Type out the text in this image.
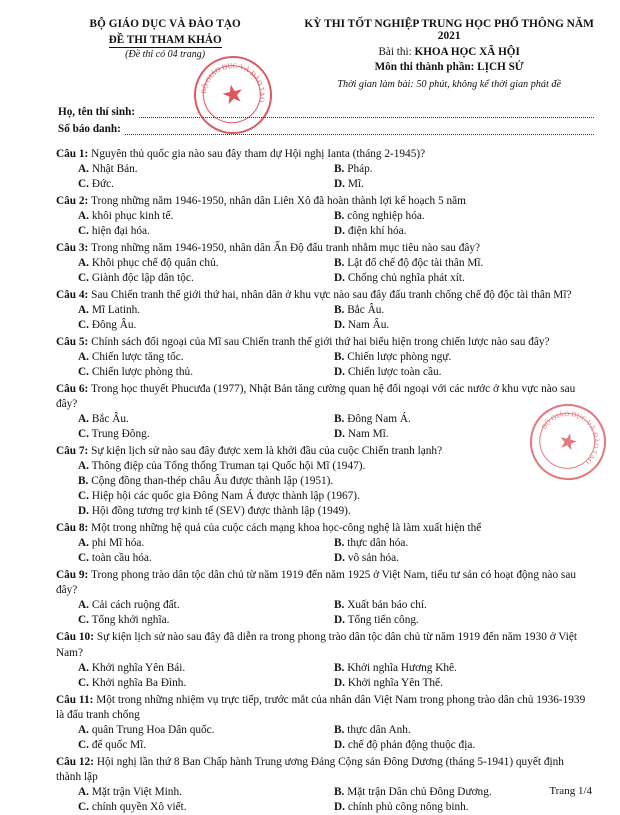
BỘ GIÁO DỤC VÀ ĐÀO TẠO
ĐỀ THI THAM KHẢO
(Đề thi có 04 trang)
BỘ GIÁO DỤC VÀ ĐÀO TẠO
★
KỲ THI TỐT NGHIỆP TRUNG HỌC PHỔ THÔNG NĂM 2021
Bài thi: KHOA HỌC XÃ HỘI
Môn thi thành phần: LỊCH SỬ
Thời gian làm bài: 50 phút, không kể thời gian phát đề
BỘ GIÁO DỤC VÀ ĐÀO TẠO
★
Họ, tên thí sinh:
Số báo danh:
Câu 1: Nguyên thủ quốc gia nào sau đây tham dự Hội nghị Ianta (tháng 2-1945)?
A. Nhật Bản.	B. Pháp.
C. Đức.	D. Mĩ.
Câu 2: Trong những năm 1946-1950, nhân dân Liên Xô đã hoàn thành lợi kế hoạch 5 năm
A. khôi phục kinh tế.	B. công nghiệp hóa.
C. hiện đại hóa.	D. điện khí hóa.
Câu 3: Trong những năm 1946-1950, nhân dân Ấn Độ đấu tranh nhằm mục tiêu nào sau đây?
A. Khôi phục chế độ quân chủ.	B. Lật đổ chế độ độc tài thân Mĩ.
C. Giành độc lập dân tộc.	D. Chống chủ nghĩa phát xít.
Câu 4: Sau Chiến tranh thế giới thứ hai, nhân dân ở khu vực nào sau đây đấu tranh chống chế độ độc tài thân Mĩ?
A. Mĩ Latinh.	B. Bắc Âu.
C. Đông Âu.	D. Nam Âu.
Câu 5: Chính sách đối ngoại của Mĩ sau Chiến tranh thế giới thứ hai biểu hiện trong chiến lược nào sau đây?
A. Chiến lược tăng tốc.	B. Chiến lược phòng ngự.
C. Chiến lược phòng thủ.	D. Chiến lược toàn cầu.
Câu 6: Trong học thuyết Phucưđa (1977), Nhật Bản tăng cường quan hệ đối ngoại với các nước ở khu vực nào sau đây?
A. Bắc Âu.	B. Đông Nam Á.
C. Trung Đông.	D. Nam Mĩ.
Câu 7: Sự kiện lịch sử nào sau đây được xem là khởi đầu của cuộc Chiến tranh lạnh?
A. Thông điệp của Tổng thống Truman tại Quốc hội Mĩ (1947).
B. Cộng đồng than-thép châu Âu được thành lập (1951).
C. Hiệp hội các quốc gia Đông Nam Á được thành lập (1967).
D. Hội đồng tương trợ kinh tế (SEV) được thành lập (1949).
Câu 8: Một trong những hệ quả của cuộc cách mạng khoa học-công nghệ là làm xuất hiện thế
A. phi Mĩ hóa.	B. thực dân hóa.
C. toàn cầu hóa.	D. vô sản hóa.
Câu 9: Trong phong trào dân tộc dân chủ từ năm 1919 đến năm 1925 ở Việt Nam, tiểu tư sản có hoạt động nào sau đây?
A. Cải cách ruộng đất.	B. Xuất bản báo chí.
C. Tổng khởi nghĩa.	D. Tổng tiến công.
Câu 10: Sự kiện lịch sử nào sau đây đã diễn ra trong phong trào dân tộc dân chủ từ năm 1919 đến năm 1930 ở Việt Nam?
A. Khởi nghĩa Yên Bái.	B. Khởi nghĩa Hương Khê.
C. Khởi nghĩa Ba Đình.	D. Khởi nghĩa Yên Thế.
Câu 11: Một trong những nhiệm vụ trực tiếp, trước mắt của nhân dân Việt Nam trong phong trào dân chủ 1936-1939 là đấu tranh chống
A. quân Trung Hoa Dân quốc.	B. thực dân Anh.
C. đế quốc Mĩ.	D. chế độ phản động thuộc địa.
Câu 12: Hội nghị lần thứ 8 Ban Chấp hành Trung ương Đảng Cộng sản Đông Dương (tháng 5-1941) quyết định thành lập
A. Mặt trận Việt Minh.	B. Mặt trận Dân chủ Đông Dương.
C. chính quyền Xô viết.	D. chính phủ công nông binh.
Trang 1/4
